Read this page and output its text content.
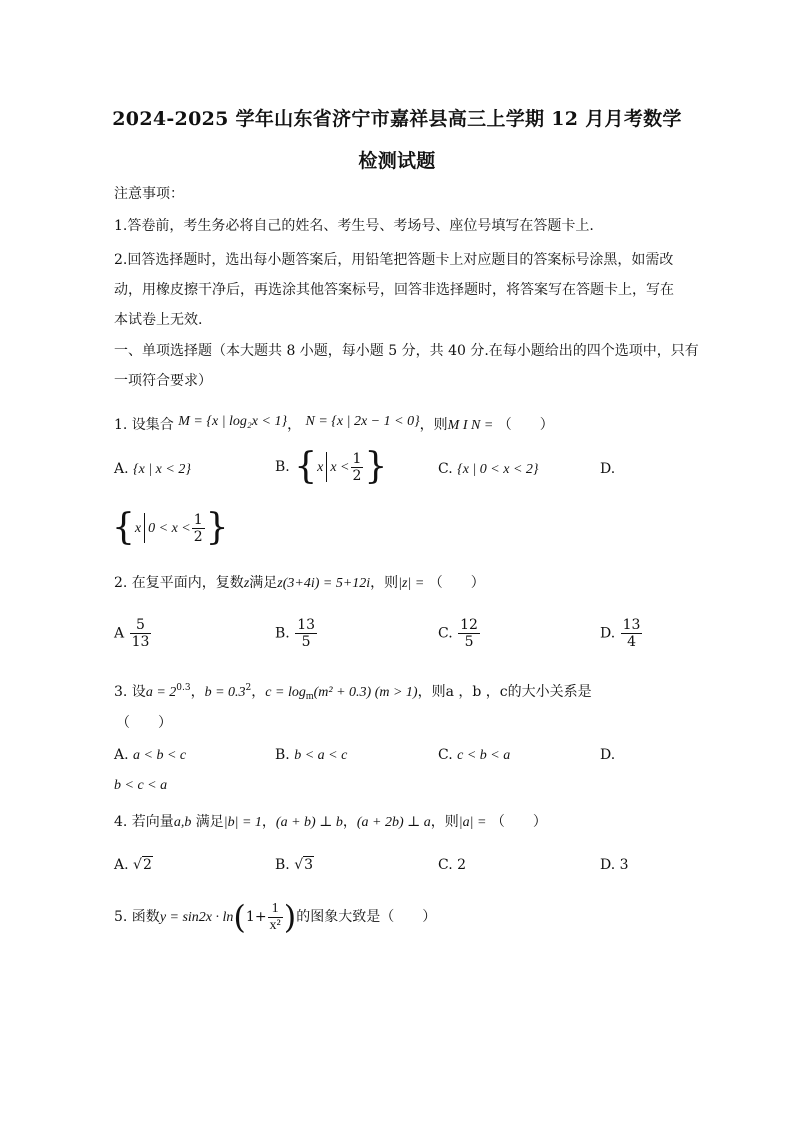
2024-2025 学年山东省济宁市嘉祥县高三上学期 12 月月考数学
检测试题
注意事项：
1.答卷前，考生务必将自己的姓名、考生号、考场号、座位号填写在答题卡上.
2.回答选择题时，选出每小题答案后，用铅笔把答题卡上对应题目的答案标号涂黑，如需改
动，用橡皮擦干净后，再选涂其他答案标号，回答非选择题时，将答案写在答题卡上，写在
本试卷上无效.
一、单项选择题（本大题共 8 小题，每小题 5 分，共 40 分.在每小题给出的四个选项中，只有
一项符合要求）
1. 设集合 M = {x | log₂x < 1}， N = {x | 2x − 1 < 0}，则M I N = （　　）
A. {x | x < 2}	B. {x $x < \frac{1}{2}$ }	C. {x | 0 < x < 2}	D.
{x $0 < x < \frac{1}{2}$ }
2. 在复平面内，复数z满足z(3+4i) = 5+12i，则|z| = （　　）
A $\frac{5}{13}$	B. $\frac{13}{5}$	C. $\frac{12}{5}$	D. $\frac{13}{4}$
3. 设$a = 2^{0.3}$，$b = 0.3^2$，$c = \log_m(m^2 + 0.3) (m > 1)$，则a ，b ，c的大小关系是
（　　）
A. a < b < c	B. b < a < c	C. c < b < a	D.
b < c < a
4. 若向量a,b 满足|b| = 1，(a + b) ⊥ b，(a + 2b) ⊥ a，则|a| = （　　）
A. √2	B. √3	C. 2	D. 3
5. 函数$y = \sin 2x \cdot \ln(1+ \frac{1}{\text{x²}}$ )的图象大致是（　　）
